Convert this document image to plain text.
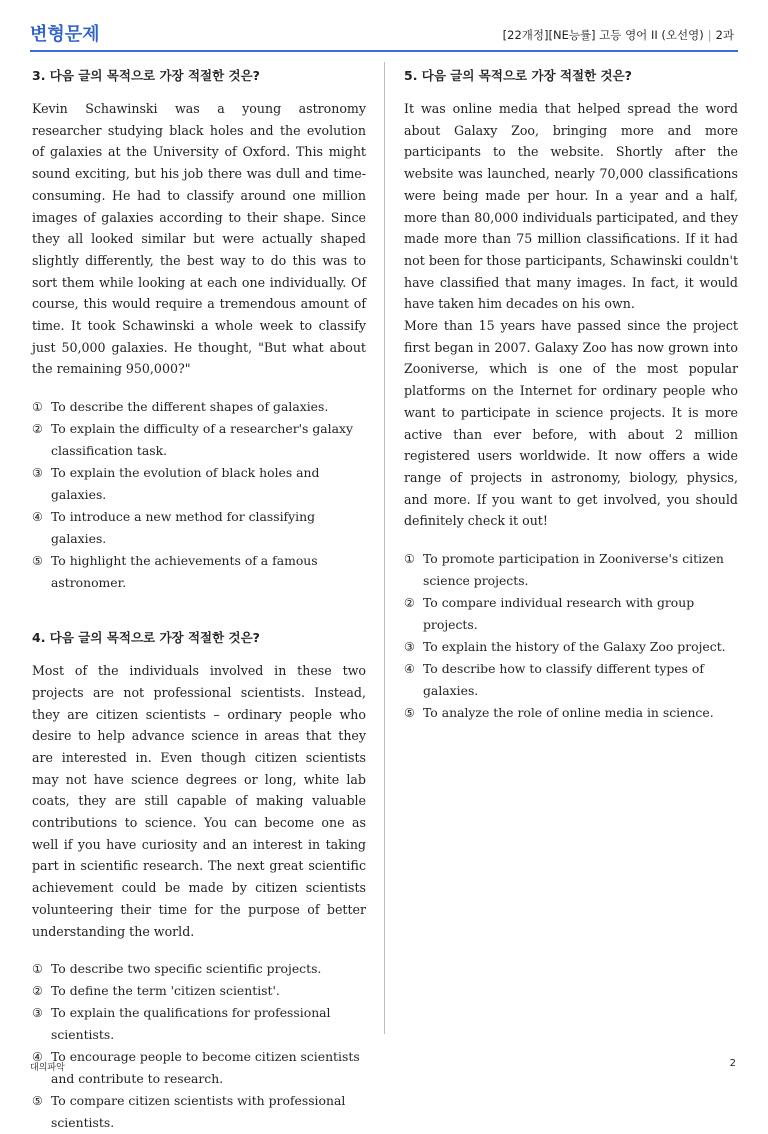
변형문제	[22개정][NE능률] 고등 영어 II (오선영) | 2과
3. 다음 글의 목적으로 가장 적절한 것은?

Kevin Schawinski was a young astronomy researcher studying black holes and the evolution of galaxies at the University of Oxford. This might sound exciting, but his job there was dull and time-consuming. He had to classify around one million images of galaxies according to their shape. Since they all looked similar but were actually shaped slightly differently, the best way to do this was to sort them while looking at each one individually. Of course, this would require a tremendous amount of time. It took Schawinski a whole week to classify just 50,000 galaxies. He thought, "But what about the remaining 950,000?"

① To describe the different shapes of galaxies.
② To explain the difficulty of a researcher's galaxy classification task.
③ To explain the evolution of black holes and galaxies.
④ To introduce a new method for classifying galaxies.
⑤ To highlight the achievements of a famous astronomer.
4. 다음 글의 목적으로 가장 적절한 것은?

Most of the individuals involved in these two projects are not professional scientists. Instead, they are citizen scientists – ordinary people who desire to help advance science in areas that they are interested in. Even though citizen scientists may not have science degrees or long, white lab coats, they are still capable of making valuable contributions to science. You can become one as well if you have curiosity and an interest in taking part in scientific research. The next great scientific achievement could be made by citizen scientists volunteering their time for the purpose of better understanding the world.

① To describe two specific scientific projects.
② To define the term 'citizen scientist'.
③ To explain the qualifications for professional scientists.
④ To encourage people to become citizen scientists and contribute to research.
⑤ To compare citizen scientists with professional scientists.
5. 다음 글의 목적으로 가장 적절한 것은?

It was online media that helped spread the word about Galaxy Zoo, bringing more and more participants to the website. Shortly after the website was launched, nearly 70,000 classifications were being made per hour. In a year and a half, more than 80,000 individuals participated, and they made more than 75 million classifications. If it had not been for those participants, Schawinski couldn't have classified that many images. In fact, it would have taken him decades on his own.

More than 15 years have passed since the project first began in 2007. Galaxy Zoo has now grown into Zooniverse, which is one of the most popular platforms on the Internet for ordinary people who want to participate in science projects. It is more active than ever before, with about 2 million registered users worldwide. It now offers a wide range of projects in astronomy, biology, physics, and more. If you want to get involved, you should definitely check it out!

① To promote participation in Zooniverse's citizen science projects.
② To compare individual research with group projects.
③ To explain the history of the Galaxy Zoo project.
④ To describe how to classify different types of galaxies.
⑤ To analyze the role of online media in science.
대의파악	2
